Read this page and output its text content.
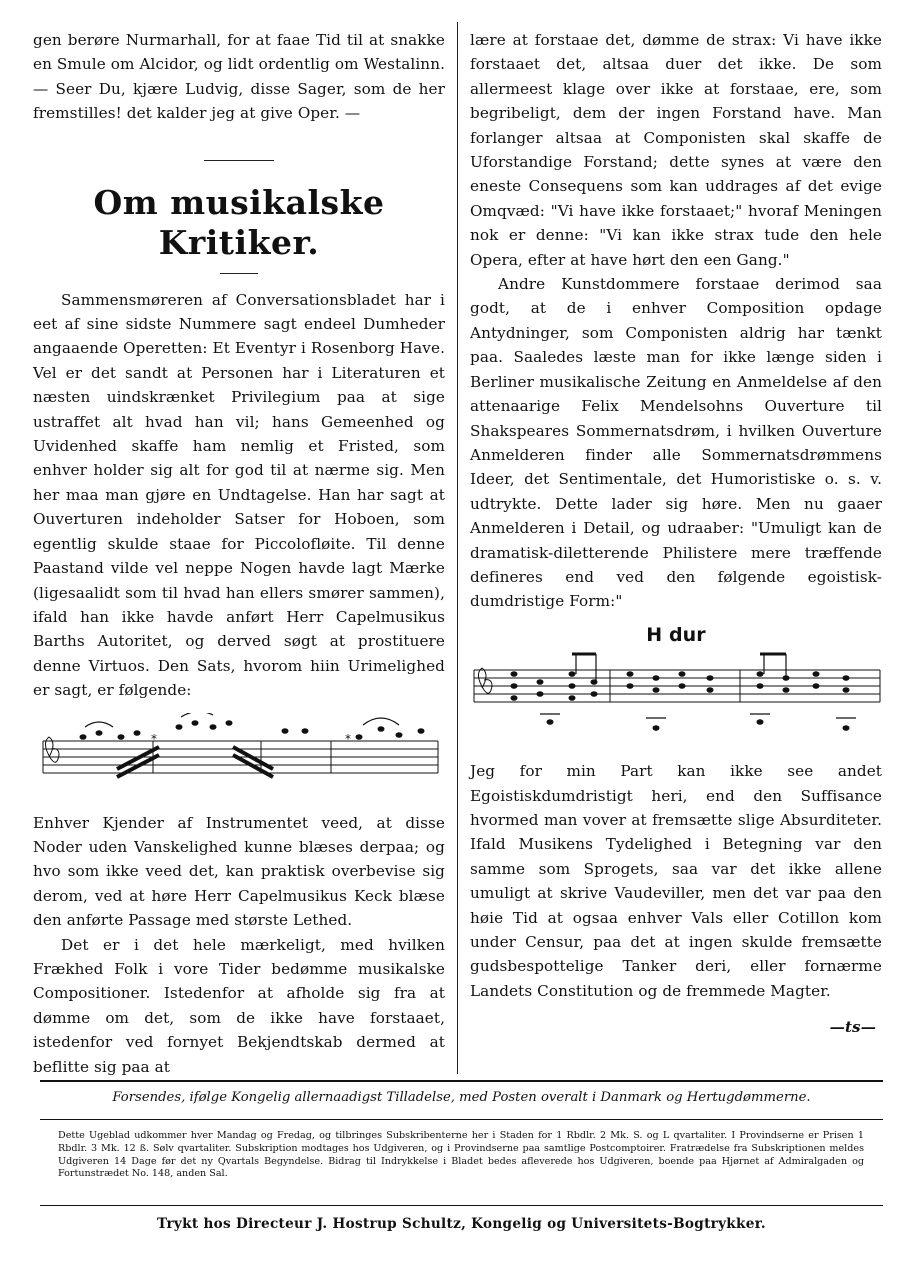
gen berøre Nurmarhall, for at faae Tid til at snakke en Smule om Alcidor, og lidt ordentlig om Westalinn. — Seer Du, kjære Ludvig, disse Sager, som de her fremstilles! det kalder jeg at give Oper. —

Om musikalske Kritiker.

Sammensmøreren af Conversationsbladet har i eet af sine sidste Nummere sagt endeel Dumheder angaaende Operetten: Et Eventyr i Rosenborg Have. Vel er det sandt at Personen har i Literaturen et næsten uindskrænket Privilegium paa at sige ustraffet alt hvad han vil; hans Gemeenhed og Uvidenhed skaffe ham nemlig et Fristed, som enhver holder sig alt for god til at nærme sig. Men her maa man gjøre en Undtagelse. Han har sagt at Ouverturen indeholder Satser for Hoboen, som egentlig skulde staae for Piccolofløite. Til denne Paastand vilde vel neppe Nogen havde lagt Mærke (ligesaalidt som til hvad han ellers smører sammen), ifald han ikke havde anført Herr Capelmusikus Barths Autoritet, og derved søgt at prostituere denne Virtuos. Den Sats, hvorom hiin Urimelighed er sagt, er følgende:

*	*

Enhver Kjender af Instrumentet veed, at disse Noder uden Vanskelighed kunne blæses derpaa; og hvo som ikke veed det, kan praktisk overbevise sig derom, ved at høre Herr Capelmusikus Keck blæse den anførte Passage med største Lethed.

Det er i det hele mærkeligt, med hvilken Frækhed Folk i vore Tider bedømme musikalske Compositioner. Istedenfor at afholde sig fra at dømme om det, som de ikke have forstaaet, istedenfor ved fornyet Bekjendtskab dermed at beflitte sig paa at

lære at forstaae det, dømme de strax: Vi have ikke forstaaet det, altsaa duer det ikke. De som allermeest klage over ikke at forstaae, ere, som begribeligt, dem der ingen Forstand have. Man forlanger altsaa at Componisten skal skaffe de Uforstandige Forstand; dette synes at være den eneste Consequens som kan uddrages af det evige Omqvæd: "Vi have ikke forstaaet;" hvoraf Meningen nok er denne: "Vi kan ikke strax tude den hele Opera, efter at have hørt den een Gang."

Andre Kunstdommere forstaae derimod saa godt, at de i enhver Composition opdage Antydninger, som Componisten aldrig har tænkt paa. Saaledes læste man for ikke længe siden i Berliner musikalische Zeitung en Anmeldelse af den attenaarige Felix Mendelsohns Ouverture til Shakspeares Sommernatsdrøm, i hvilken Ouverture Anmelderen finder alle Sommernatsdrømmens Ideer, det Sentimentale, det Humoristiske o. s. v. udtrykte. Dette lader sig høre. Men nu gaaer Anmelderen i Detail, og udraaber: "Umuligt kan de dramatisk-diletterende Philistere mere træffende defineres end ved den følgende egoistisk-dumdristige Form:"

H dur

Jeg for min Part kan ikke see andet Egoistiskdumdristigt heri, end den Suffisance hvormed man vover at fremsætte slige Absurditeter. Ifald Musikens Tydelighed i Betegning var den samme som Sprogets, saa var det ikke allene umuligt at skrive Vaudeviller, men det var paa den høie Tid at ogsaa enhver Vals eller Cotillon kom under Censur, paa det at ingen skulde fremsætte gudsbespottelige Tanker deri, eller fornærme Landets Constitution og de fremmede Magter.

—ts—
Forsendes, ifølge Kongelig allernaadigst Tilladelse, med Posten overalt i Danmark og Hertugdømmerne.
Dette Ugeblad udkommer hver Mandag og Fredag, og tilbringes Subskribenterne her i Staden for 1 Rbdlr. 2 Mk. S. og L qvartaliter. I Provindserne er Prisen 1 Rbdlr. 3 Mk. 12 ß. Sølv qvartaliter. Subskription modtages hos Udgiveren, og i Provindserne paa samtlige Postcomptoirer. Fratrædelse fra Subskriptionen meldes Udgiveren 14 Dage før det ny Qvartals Begyndelse. Bidrag til Indrykkelse i Bladet bedes afleverede hos Udgiveren, boende paa Hjørnet af Admiralgaden og Fortunstrædet No. 148, anden Sal.
Trykt hos Directeur J. Hostrup Schultz, Kongelig og Universitets-Bogtrykker.
